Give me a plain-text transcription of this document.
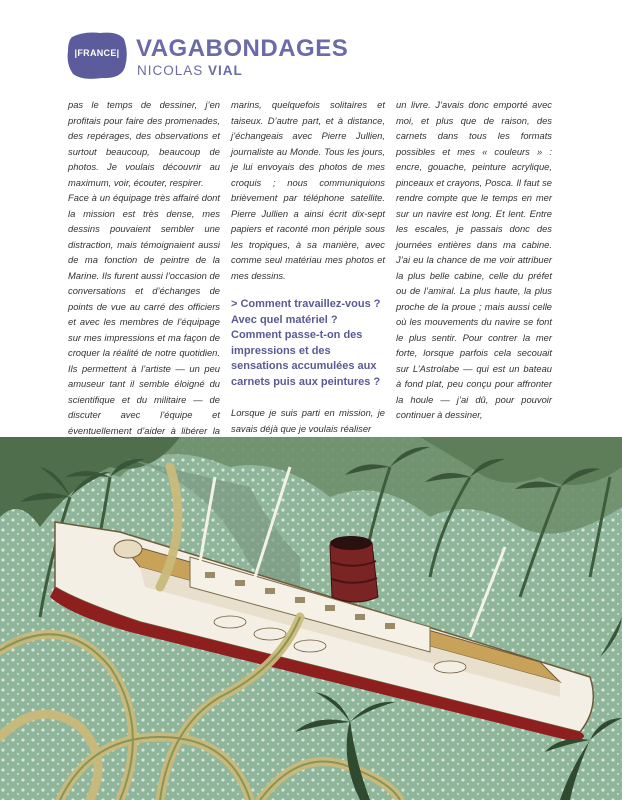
|FRANCE| VAGABONDAGES
NICOLAS VIAL

pas le temps de dessiner, j’en profitais pour faire des promenades, des repérages, des observations et surtout beaucoup, beaucoup de photos. Je voulais découvrir au maximum, voir, écouter, respirer.

Face à un équipage très affairé dont la mission est très dense, mes dessins pouvaient sembler une distraction, mais témoignaient aussi de ma fonction de peintre de la Marine. Ils furent aussi l’occasion de conversations et d’échanges de points de vue au carré des officiers et avec les membres de l’équipage sur mes impressions et ma façon de croquer la réalité de notre quotidien. Ils permettent à l’artiste — un peu amuseur tant il semble éloigné du scientifique et du militaire — de discuter avec l’équipe et éventuellement d’aider à libérer la

marins, quelquefois solitaires et taiseux. D’autre part, et à distance, j’échangeais avec Pierre Jullien, journaliste au Monde. Tous les jours, je lui envoyais des photos de mes croquis ; nous communiquions brièvement par téléphone satellite. Pierre Jullien a ainsi écrit dix-sept papiers et raconté mon périple sous les tropiques, à sa manière, avec comme seul matériau mes photos et mes dessins.

> Comment travaillez-vous ? Avec quel matériel ? Comment passe-t-on des impressions et des sensations accumulées aux carnets puis aux peintures ?

Lorsque je suis parti en mission, je savais déjà que je voulais réaliser

un livre. J’avais donc emporté avec moi, et plus que de raison, des carnets dans tous les formats possibles et mes « couleurs » : encre, gouache, peinture acrylique, pinceaux et crayons, Posca. Il faut se rendre compte que le temps en mer sur un navire est long. Et lent. Entre les escales, je passais donc des journées entières dans ma cabine. J’ai eu la chance de me voir attribuer la plus belle cabine, celle du préfet ou de l’amiral. La plus haute, la plus proche de la proue ; mais aussi celle où les mouvements du navire se font le plus sentir. Pour contrer la mer forte, lorsque parfois cela secouait sur L’Astrolabe — qui est un bateau à fond plat, peu conçu pour affronter la houle — j’ai dû, pour pouvoir continuer à dessiner,
